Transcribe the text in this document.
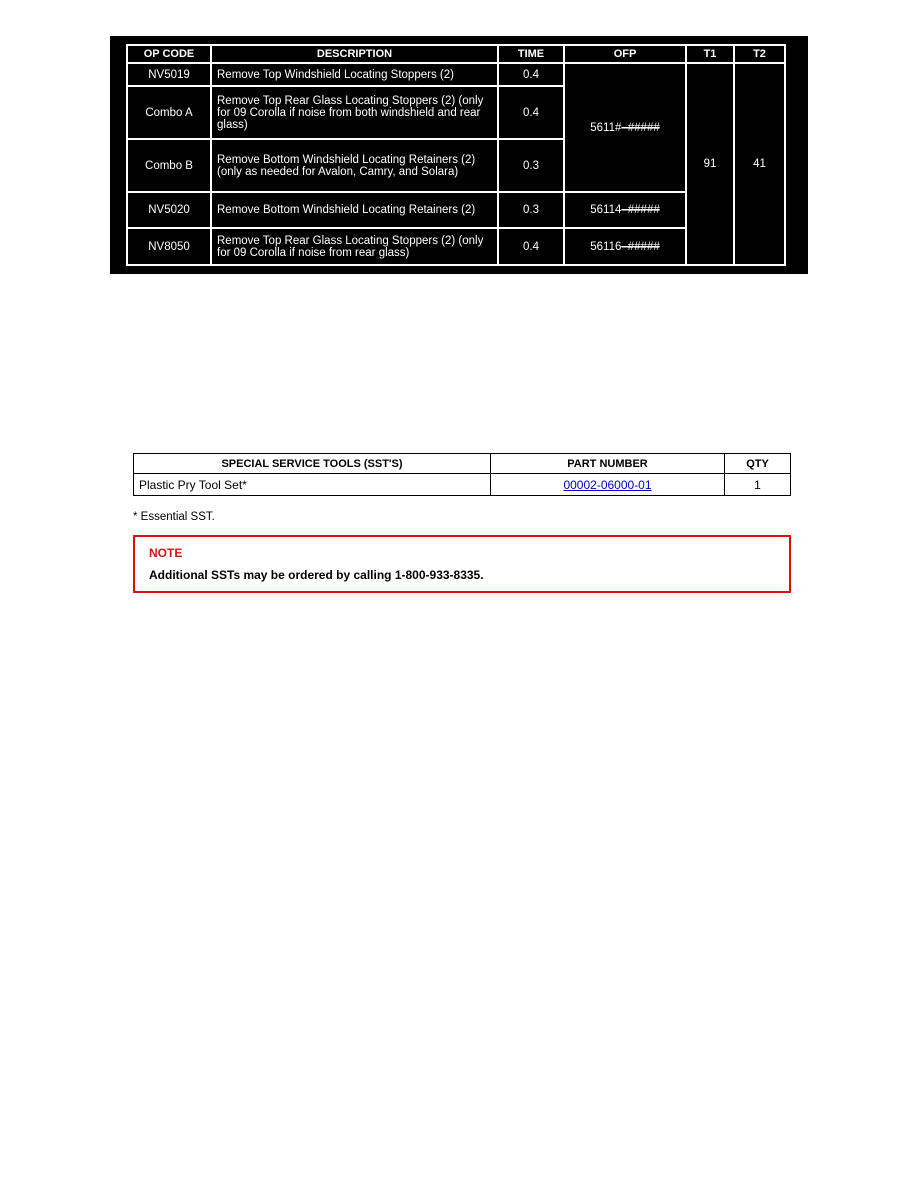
OP CODE	DESCRIPTION	TIME	OFP	T1	T2
NV5019	Remove Top Windshield Locating Stoppers (2)	0.4	5611#–#####	91	41
Combo A	Remove Top Rear Glass Locating Stoppers (2) (only for 09 Corolla if noise from both windshield and rear glass)	0.4			
Combo B	Remove Bottom Windshield Locating Retainers (2) (only as needed for Avalon, Camry, and Solara)	0.3			
NV5020	Remove Bottom Windshield Locating Retainers (2)	0.3	56114–#####		
NV8050	Remove Top Rear Glass Locating Stoppers (2) (only for 09 Corolla if noise from rear glass)	0.4	56116–#####		
SPECIAL SERVICE TOOLS (SST'S)	PART NUMBER	QTY
Plastic Pry Tool Set*	00002-06000-01	1
* Essential SST.
NOTE
Additional SSTs may be ordered by calling 1-800-933-8335.
